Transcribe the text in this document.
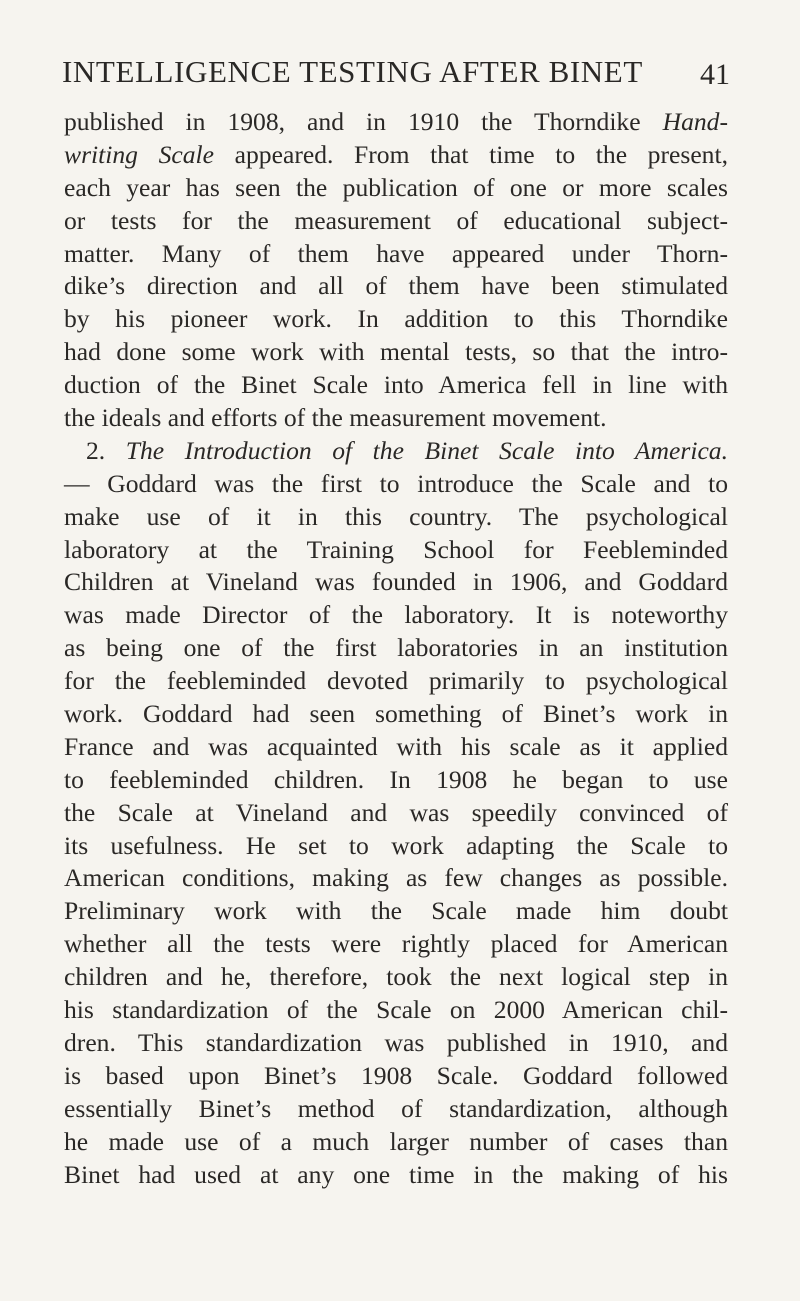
INTELLIGENCE TESTING AFTER BINET 41
published in 1908, and in 1910 the Thorndike Hand-
writing Scale appeared. From that time to the present,
each year has seen the publication of one or more scales
or tests for the measurement of educational subject-
matter. Many of them have appeared under Thorn-
dike’s direction and all of them have been stimulated
by his pioneer work. In addition to this Thorndike
had done some work with mental tests, so that the intro-
duction of the Binet Scale into America fell in line with
the ideals and efforts of the measurement movement.
2. The Introduction of the Binet Scale into America.
— Goddard was the first to introduce the Scale and to
make use of it in this country. The psychological
laboratory at the Training School for Feebleminded
Children at Vineland was founded in 1906, and Goddard
was made Director of the laboratory. It is noteworthy
as being one of the first laboratories in an institution
for the feebleminded devoted primarily to psychological
work. Goddard had seen something of Binet’s work in
France and was acquainted with his scale as it applied
to feebleminded children. In 1908 he began to use
the Scale at Vineland and was speedily convinced of
its usefulness. He set to work adapting the Scale to
American conditions, making as few changes as possible.
Preliminary work with the Scale made him doubt
whether all the tests were rightly placed for American
children and he, therefore, took the next logical step in
his standardization of the Scale on 2000 American chil-
dren. This standardization was published in 1910, and
is based upon Binet’s 1908 Scale. Goddard followed
essentially Binet’s method of standardization, although
he made use of a much larger number of cases than
Binet had used at any one time in the making of his
